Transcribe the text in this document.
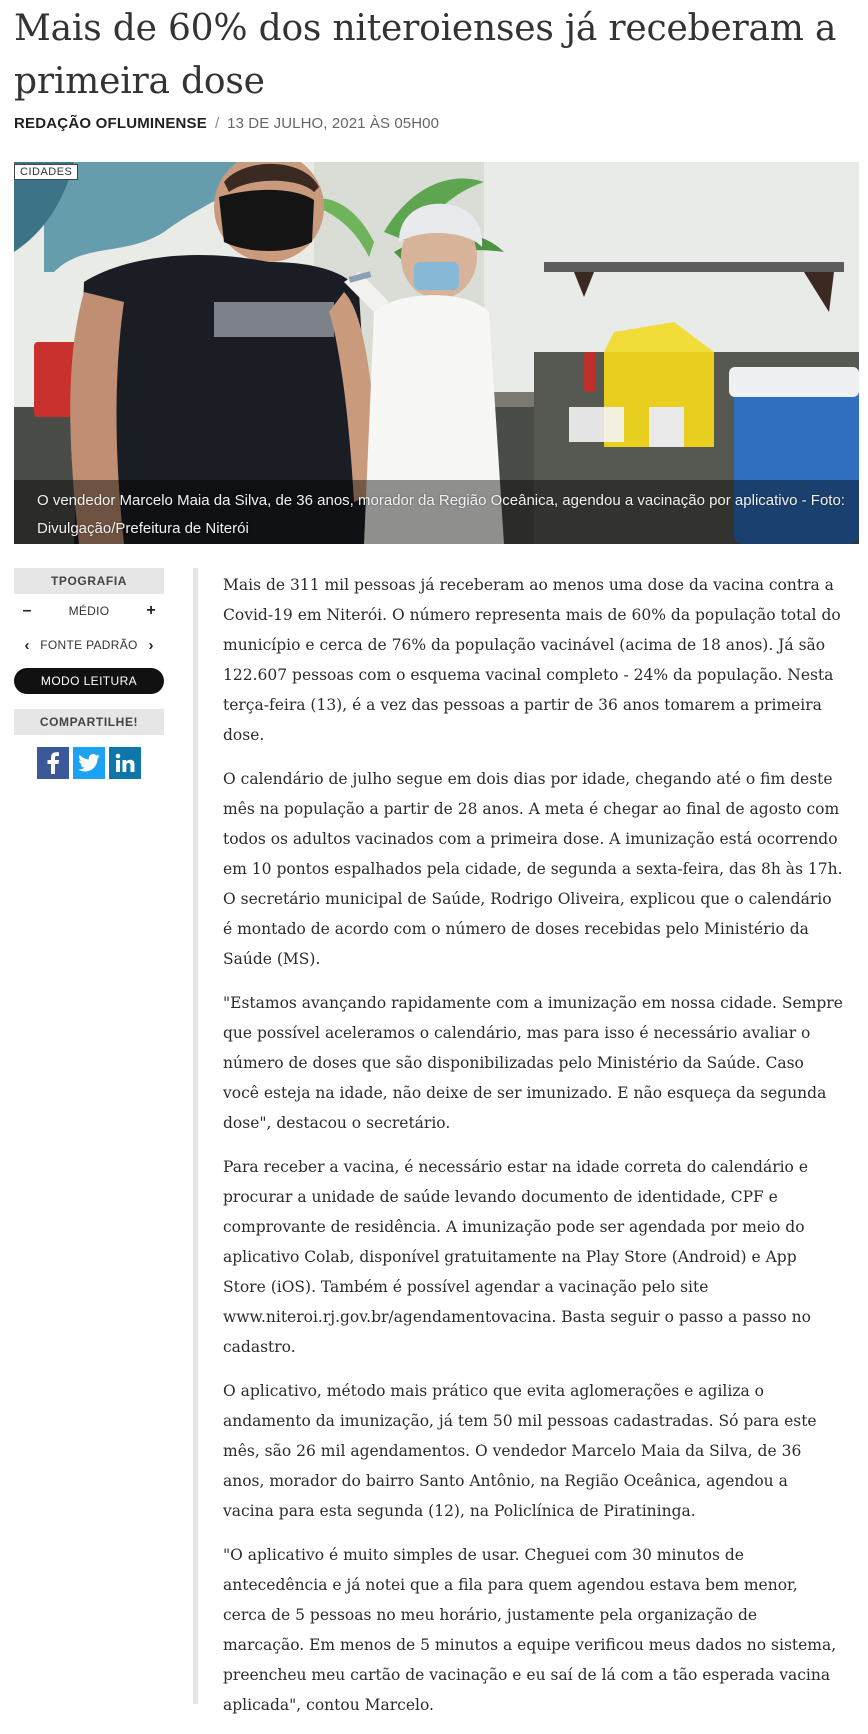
Mais de 60% dos niteroienses já receberam a primeira dose
REDAÇÃO OFLUMINENSE / 13 DE JULHO, 2021 ÀS 05H00
CIDADES
O vendedor Marcelo Maia da Silva, de 36 anos, morador da Região Oceânica, agendou a vacinação por aplicativo - Foto: Divulgação/Prefeitura de Niterói
TPOGRAFIA
–	MÉDIO	+
‹ FONTE PADRÃO ›
MODO LEITURA
COMPARTILHE!

Mais de 311 mil pessoas já receberam ao menos uma dose da vacina contra a Covid-19 em Niterói. O número representa mais de 60% da população total do município e cerca de 76% da população vacinável (acima de 18 anos). Já são 122.607 pessoas com o esquema vacinal completo - 24% da população. Nesta terça-feira (13), é a vez das pessoas a partir de 36 anos tomarem a primeira dose.

O calendário de julho segue em dois dias por idade, chegando até o fim deste mês na população a partir de 28 anos. A meta é chegar ao final de agosto com todos os adultos vacinados com a primeira dose. A imunização está ocorrendo em 10 pontos espalhados pela cidade, de segunda a sexta-feira, das 8h às 17h. O secretário municipal de Saúde, Rodrigo Oliveira, explicou que o calendário é montado de acordo com o número de doses recebidas pelo Ministério da Saúde (MS).

"Estamos avançando rapidamente com a imunização em nossa cidade. Sempre que possível aceleramos o calendário, mas para isso é necessário avaliar o número de doses que são disponibilizadas pelo Ministério da Saúde. Caso você esteja na idade, não deixe de ser imunizado. E não esqueça da segunda dose", destacou o secretário.

Para receber a vacina, é necessário estar na idade correta do calendário e procurar a unidade de saúde levando documento de identidade, CPF e comprovante de residência. A imunização pode ser agendada por meio do aplicativo Colab, disponível gratuitamente na Play Store (Android) e App Store (iOS). Também é possível agendar a vacinação pelo site www.niteroi.rj.gov.br/agendamentovacina. Basta seguir o passo a passo no cadastro.

O aplicativo, método mais prático que evita aglomerações e agiliza o andamento da imunização, já tem 50 mil pessoas cadastradas. Só para este mês, são 26 mil agendamentos. O vendedor Marcelo Maia da Silva, de 36 anos, morador do bairro Santo Antônio, na Região Oceânica, agendou a vacina para esta segunda (12), na Policlínica de Piratininga.

"O aplicativo é muito simples de usar. Cheguei com 30 minutos de antecedência e já notei que a fila para quem agendou estava bem menor, cerca de 5 pessoas no meu horário, justamente pela organização de marcação. Em menos de 5 minutos a equipe verificou meus dados no sistema, preencheu meu cartão de vacinação e eu saí de lá com a tão esperada vacina aplicada", contou Marcelo.
